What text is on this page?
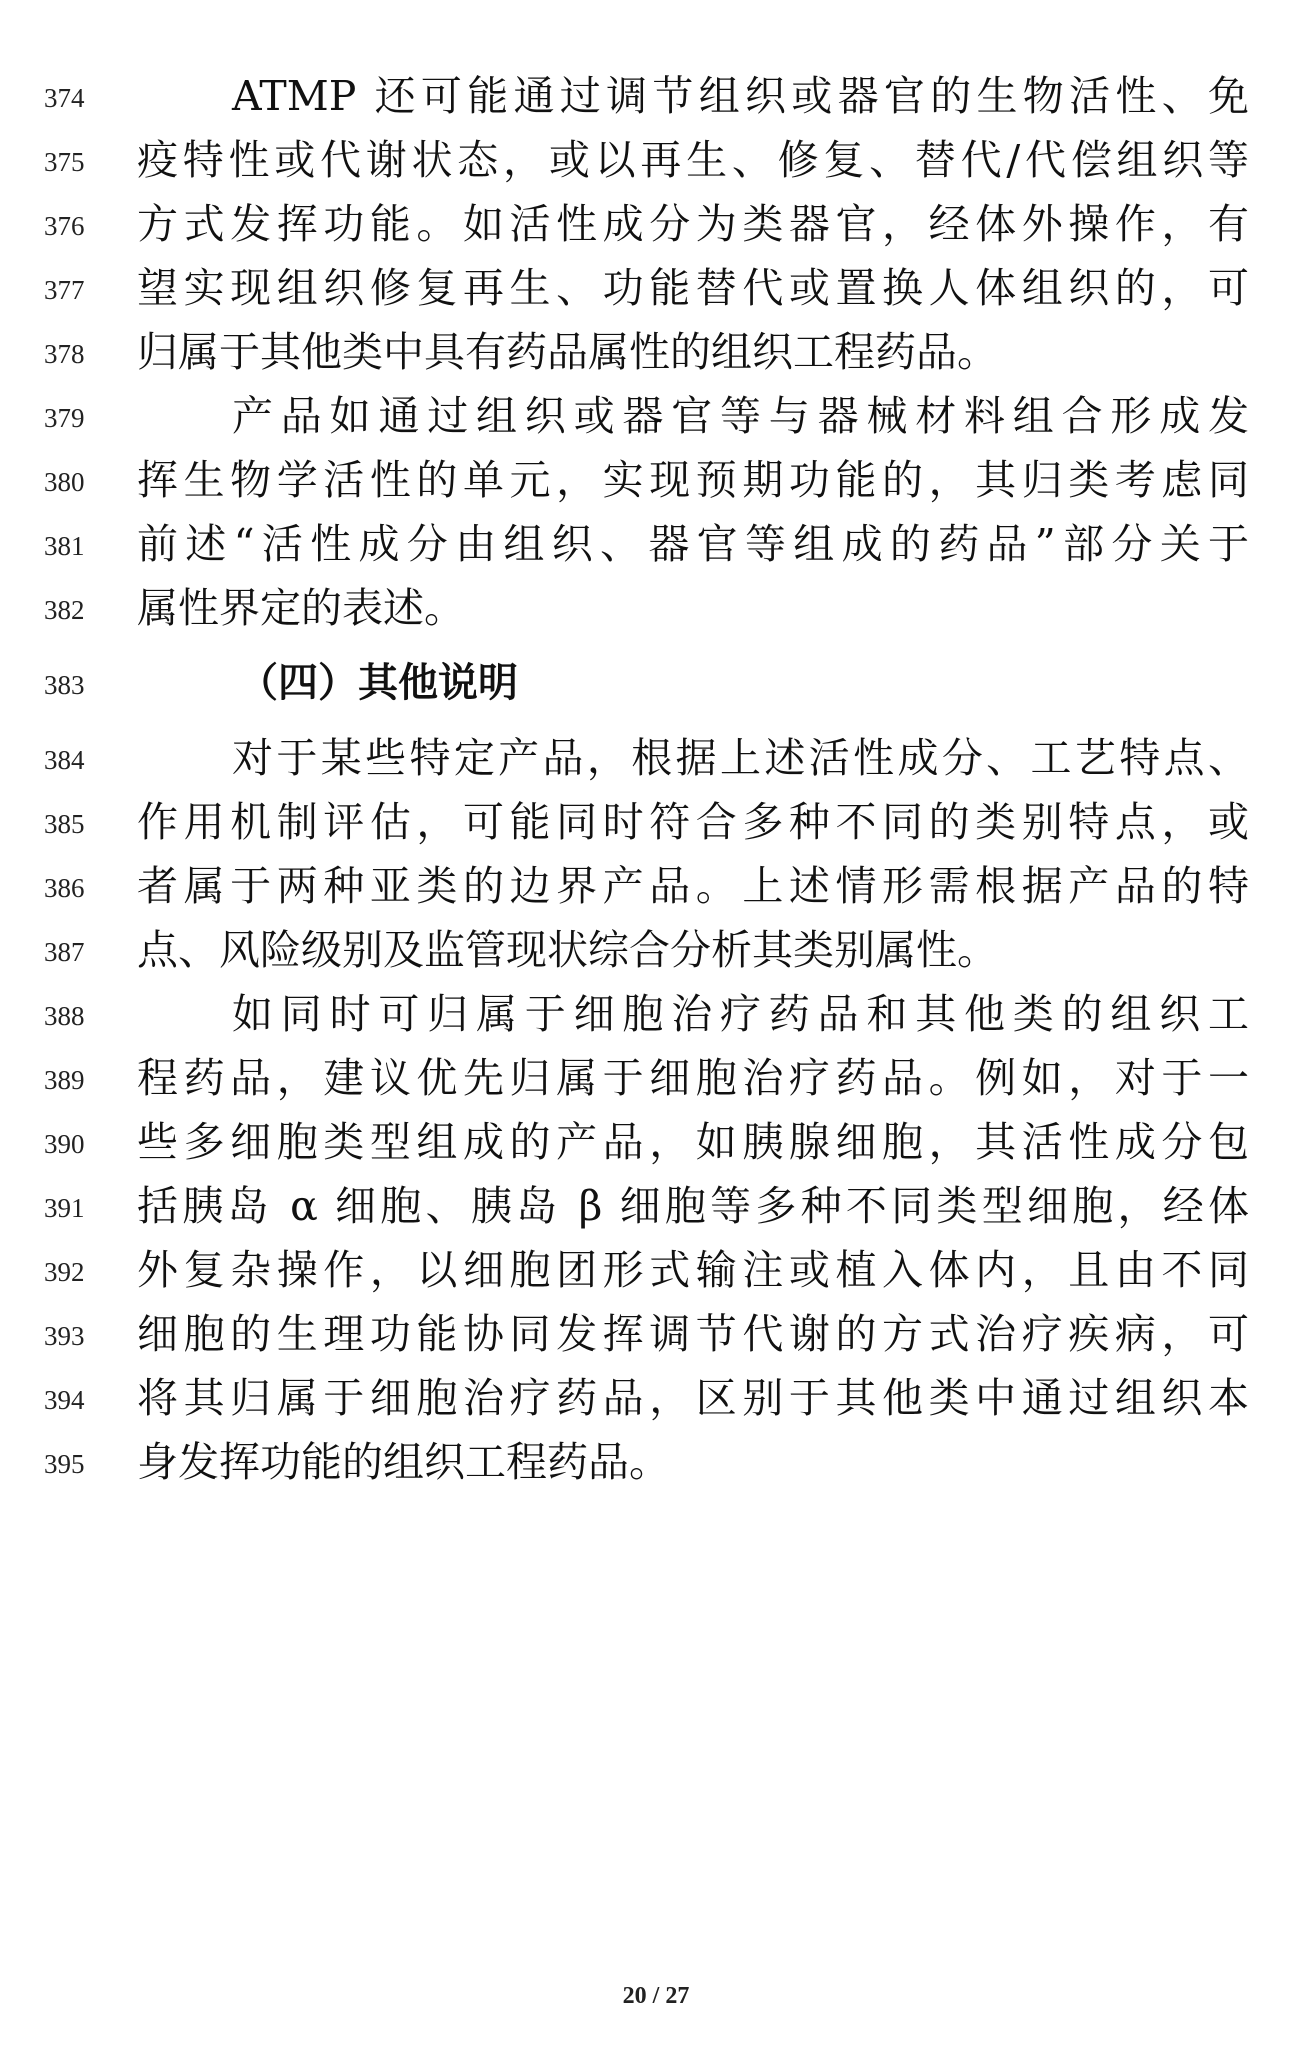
374	ATMP 还可能通过调节组织或器官的生物活性、免
375 疫特性或代谢状态，或以再生、修复、替代/代偿组织等
376 方式发挥功能。如活性成分为类器官，经体外操作，有
377 望实现组织修复再生、功能替代或置换人体组织的，可
378 归属于其他类中具有药品属性的组织工程药品。
379	产品如通过组织或器官等与器械材料组合形成发
380 挥生物学活性的单元，实现预期功能的，其归类考虑同
381 前述“活性成分由组织、器官等组成的药品”部分关于
382 属性界定的表述。
383	（四）其他说明
384	对于某些特定产品，根据上述活性成分、工艺特点、
385 作用机制评估，可能同时符合多种不同的类别特点，或
386 者属于两种亚类的边界产品。上述情形需根据产品的特
387 点、风险级别及监管现状综合分析其类别属性。
388	如同时可归属于细胞治疗药品和其他类的组织工
389 程药品，建议优先归属于细胞治疗药品。例如，对于一
390 些多细胞类型组成的产品，如胰腺细胞，其活性成分包
391 括胰岛 α 细胞、胰岛 β 细胞等多种不同类型细胞，经体
392 外复杂操作，以细胞团形式输注或植入体内，且由不同
393 细胞的生理功能协同发挥调节代谢的方式治疗疾病，可
394 将其归属于细胞治疗药品，区别于其他类中通过组织本
395 身发挥功能的组织工程药品。
20 / 27
